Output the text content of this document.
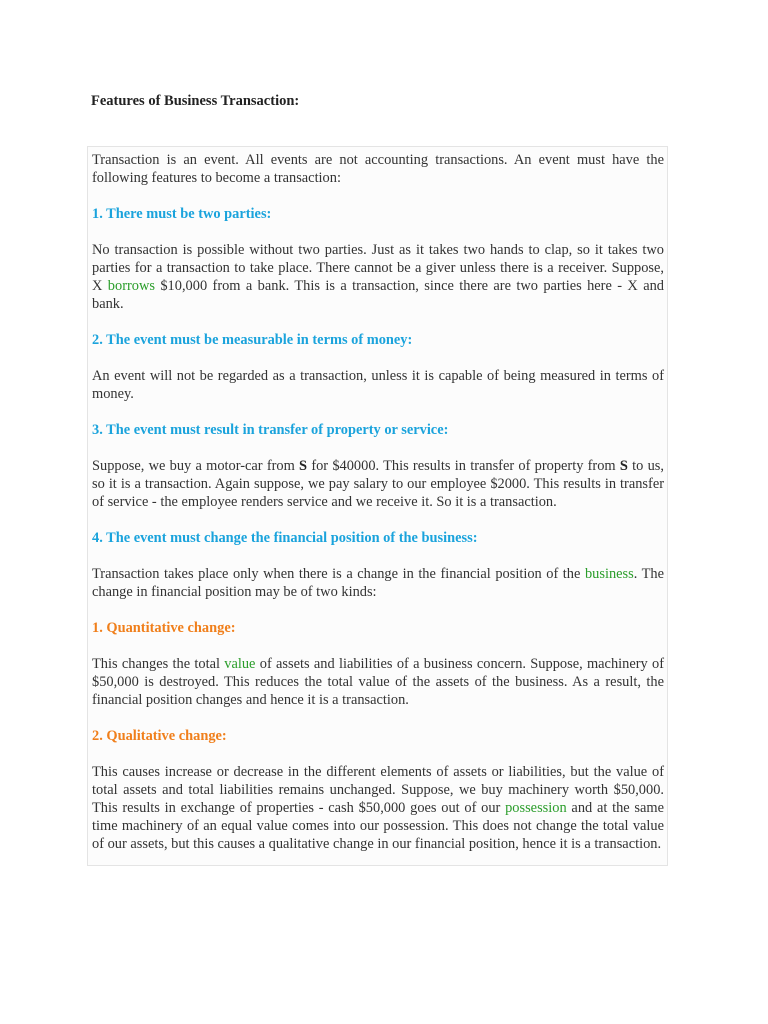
Features of Business Transaction:

Transaction is an event. All events are not accounting transactions. An event must have the following features to become a transaction:

1. There must be two parties:

No transaction is possible without two parties. Just as it takes two hands to clap, so it takes two parties for a transaction to take place. There cannot be a giver unless there is a receiver. Suppose, X borrows $10,000 from a bank. This is a transaction, since there are two parties here - X and bank.

2. The event must be measurable in terms of money:

An event will not be regarded as a transaction, unless it is capable of being measured in terms of money.

3. The event must result in transfer of property or service:

Suppose, we buy a motor-car from S for $40000. This results in transfer of property from S to us, so it is a transaction. Again suppose, we pay salary to our employee $2000. This results in transfer of service - the employee renders service and we receive it. So it is a transaction.

4. The event must change the financial position of the business:

Transaction takes place only when there is a change in the financial position of the business. The change in financial position may be of two kinds:

1. Quantitative change:

This changes the total value of assets and liabilities of a business concern. Suppose, machinery of $50,000 is destroyed. This reduces the total value of the assets of the business. As a result, the financial position changes and hence it is a transaction.

2. Qualitative change:

This causes increase or decrease in the different elements of assets or liabilities, but the value of total assets and total liabilities remains unchanged. Suppose, we buy machinery worth $50,000. This results in exchange of properties - cash $50,000 goes out of our possession and at the same time machinery of an equal value comes into our possession. This does not change the total value of our assets, but this causes a qualitative change in our financial position, hence it is a transaction.
